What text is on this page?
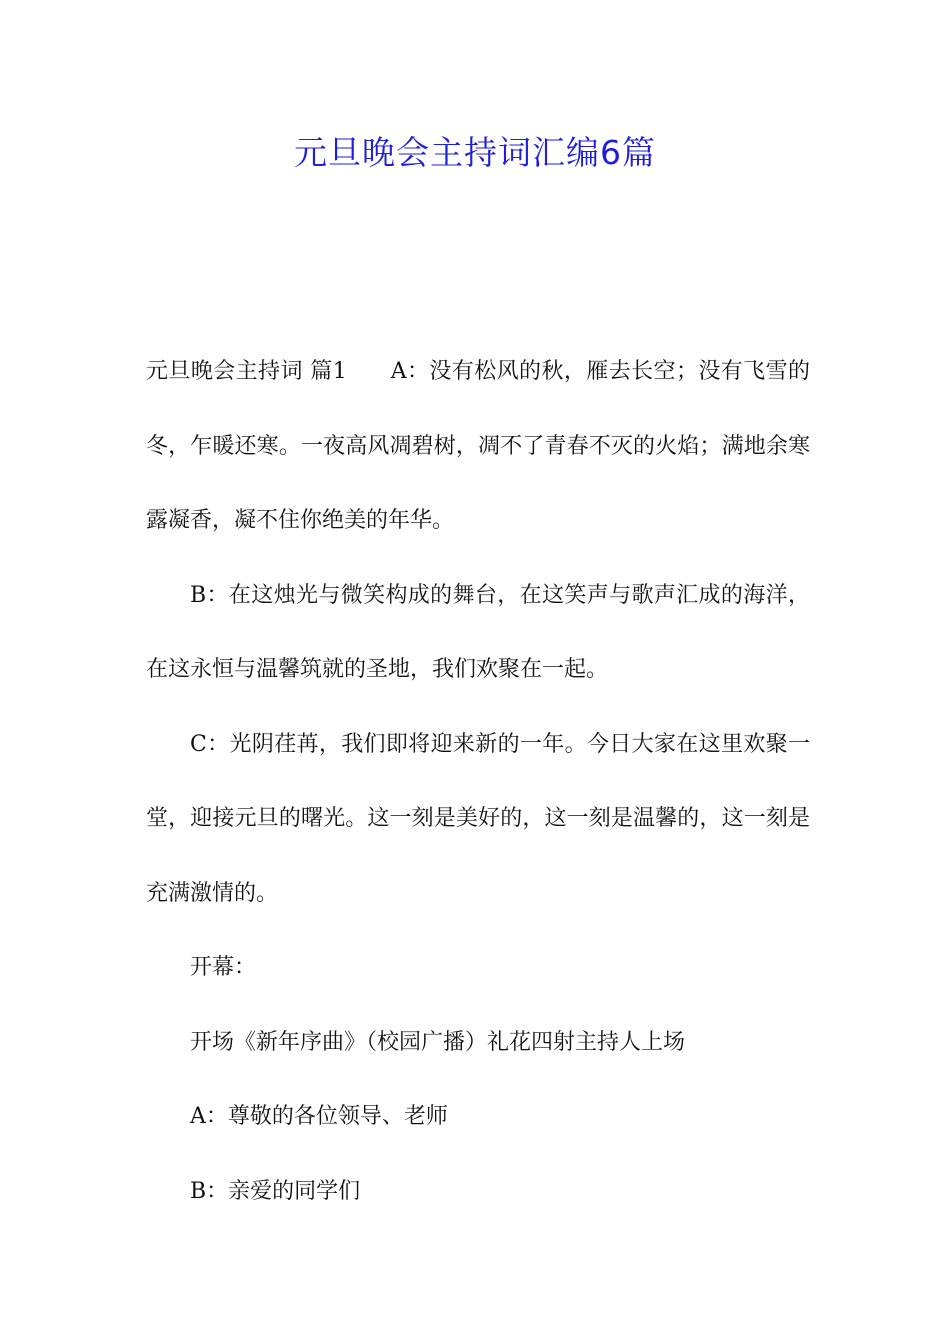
元旦晚会主持词汇编6篇

元旦晚会主持词 篇1 A：没有松风的秋，雁去长空；没有飞雪的冬，乍暖还寒。一夜高风凋碧树，凋不了青春不灭的火焰；满地余寒露凝香，凝不住你绝美的年华。

B：在这烛光与微笑构成的舞台，在这笑声与歌声汇成的海洋，在这永恒与温馨筑就的圣地，我们欢聚在一起。

C：光阴荏苒，我们即将迎来新的一年。今日大家在这里欢聚一堂，迎接元旦的曙光。这一刻是美好的，这一刻是温馨的，这一刻是充满激情的。

开幕：

开场《新年序曲》（校园广播）礼花四射主持人上场

A：尊敬的各位领导、老师

B：亲爱的同学们
